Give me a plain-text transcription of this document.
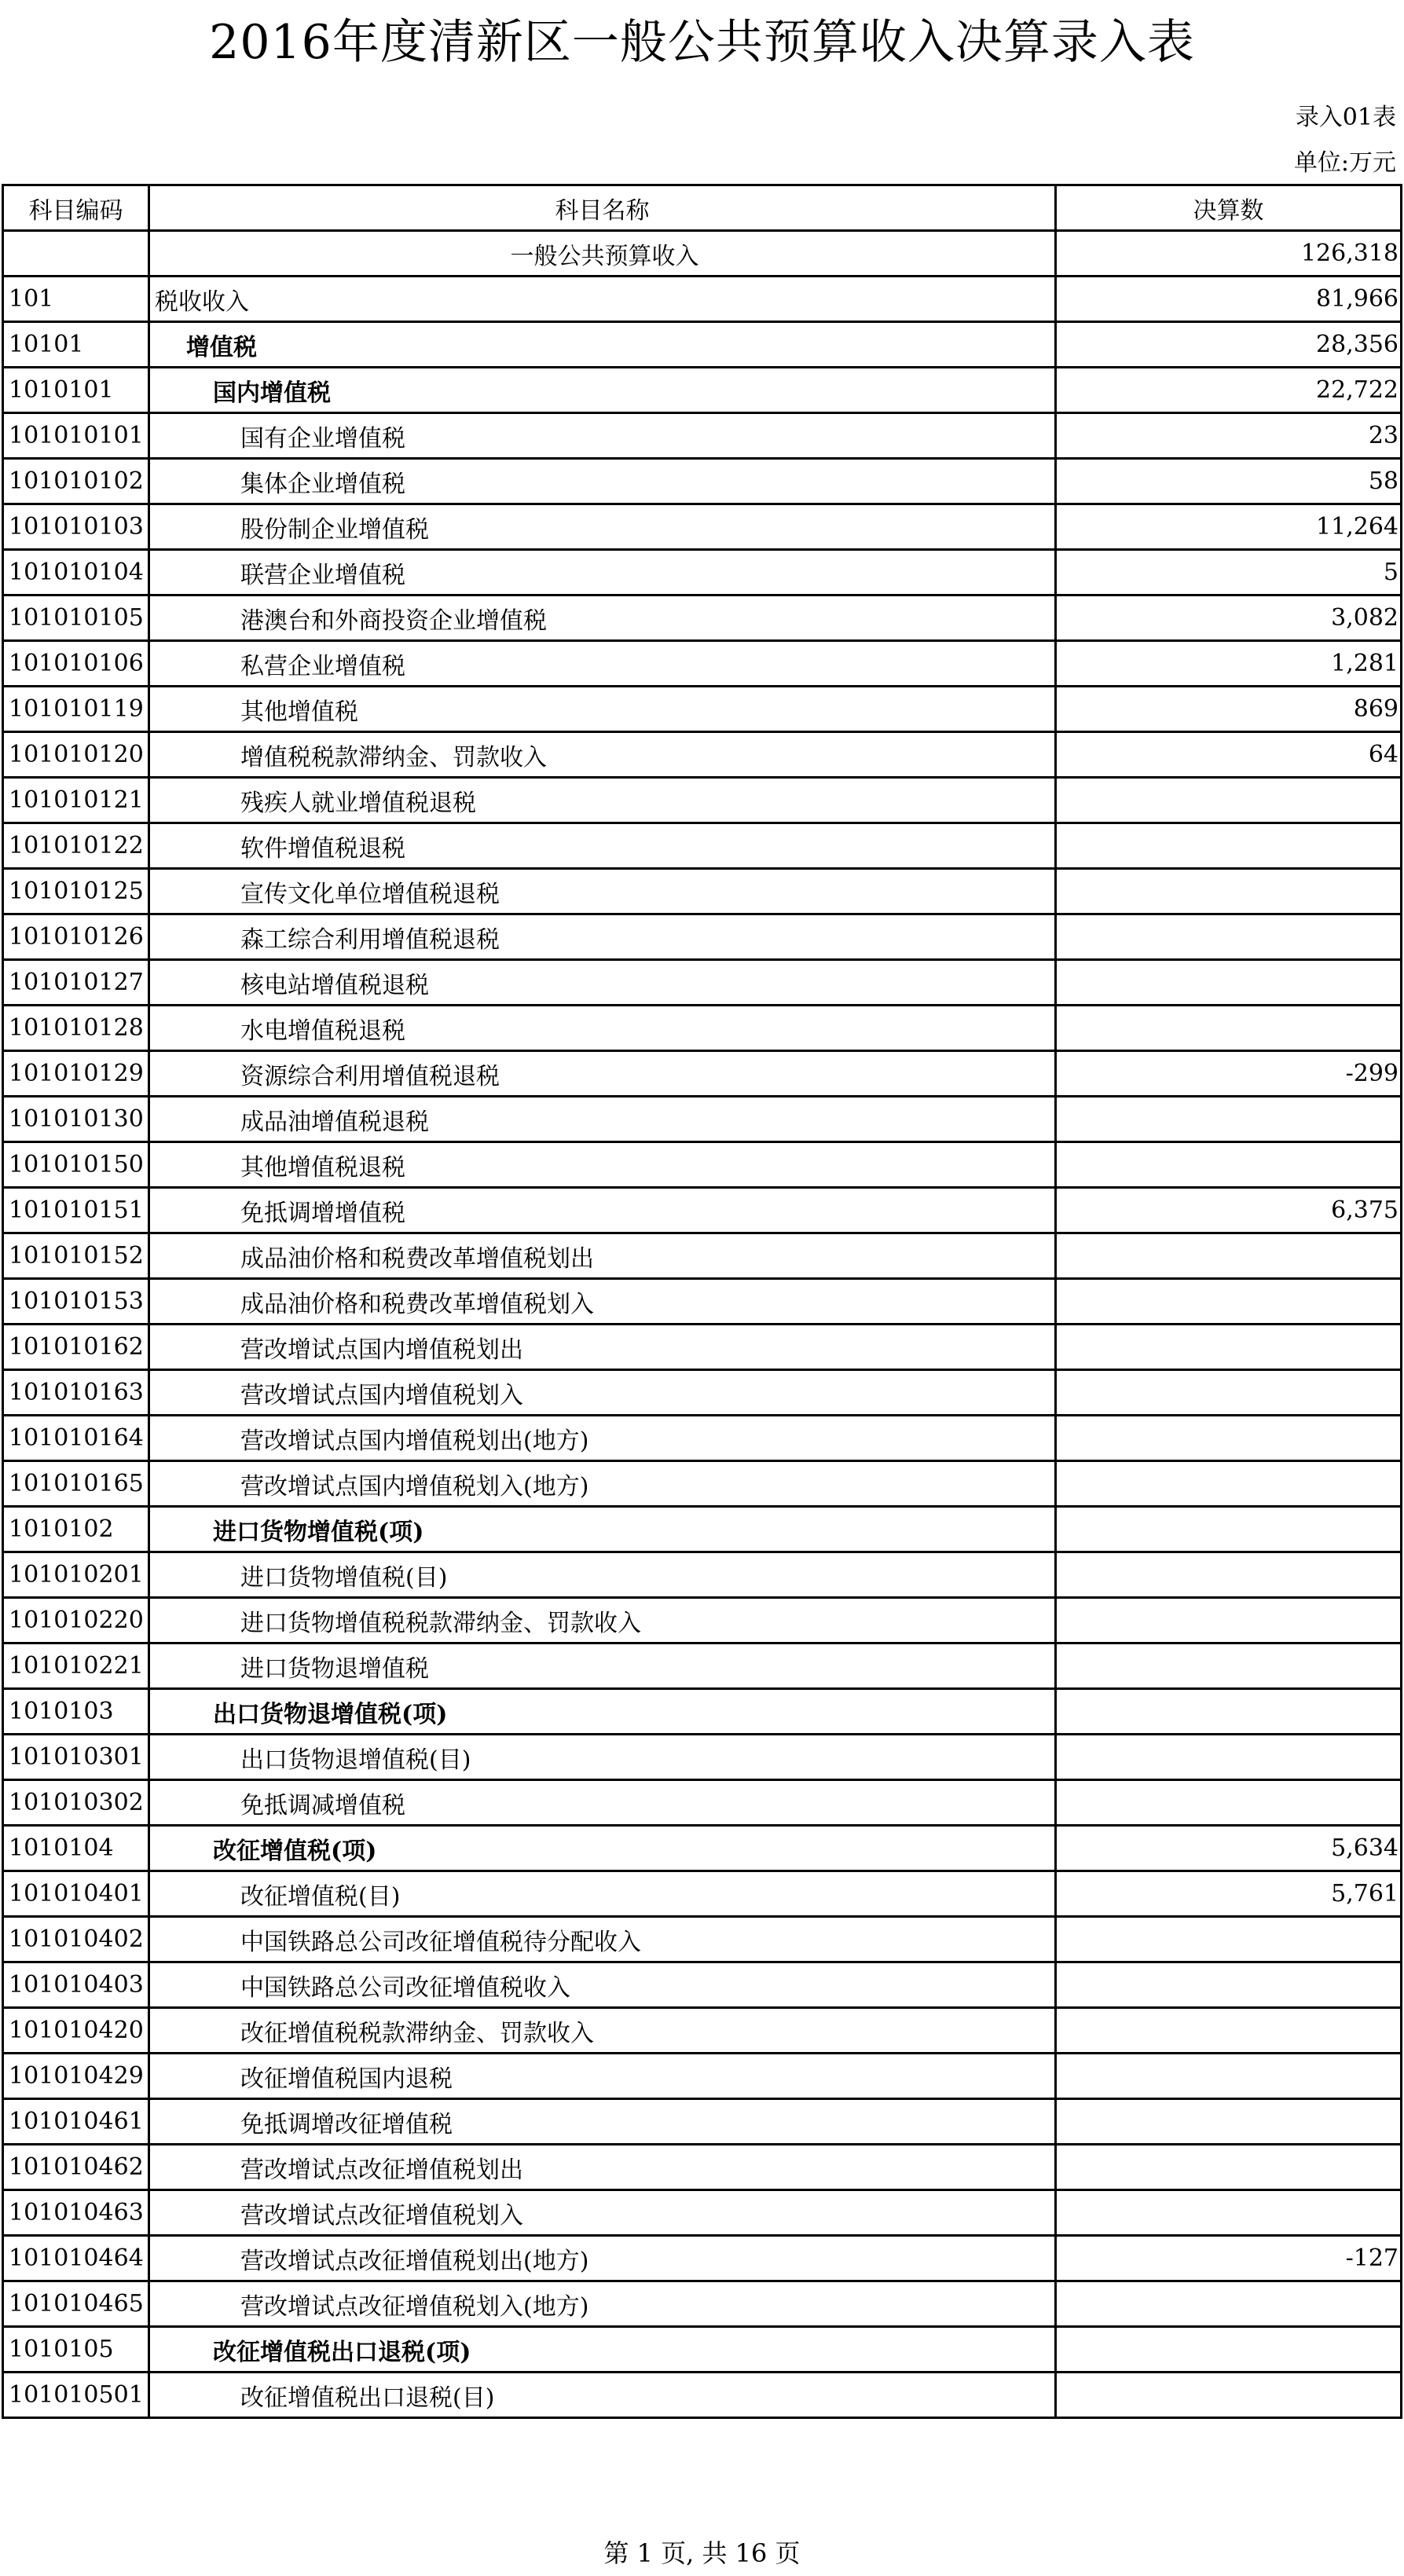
2016年度清新区一般公共预算收入决算录入表
录入01表
单位:万元
科目编码	科目名称	决算数
	一般公共预算收入	126,318
101	税收收入	81,966
10101	增值税	28,356
1010101	国内增值税	22,722
101010101	国有企业增值税	23
101010102	集体企业增值税	58
101010103	股份制企业增值税	11,264
101010104	联营企业增值税	5
101010105	港澳台和外商投资企业增值税	3,082
101010106	私营企业增值税	1,281
101010119	其他增值税	869
101010120	增值税税款滞纳金、罚款收入	64
101010121	残疾人就业增值税退税	
101010122	软件增值税退税	
101010125	宣传文化单位增值税退税	
101010126	森工综合利用增值税退税	
101010127	核电站增值税退税	
101010128	水电增值税退税	
101010129	资源综合利用增值税退税	-299
101010130	成品油增值税退税	
101010150	其他增值税退税	
101010151	免抵调增增值税	6,375
101010152	成品油价格和税费改革增值税划出	
101010153	成品油价格和税费改革增值税划入	
101010162	营改增试点国内增值税划出	
101010163	营改增试点国内增值税划入	
101010164	营改增试点国内增值税划出(地方)	
101010165	营改增试点国内增值税划入(地方)	
1010102	进口货物增值税(项)	
101010201	进口货物增值税(目)	
101010220	进口货物增值税税款滞纳金、罚款收入	
101010221	进口货物退增值税	
1010103	出口货物退增值税(项)	
101010301	出口货物退增值税(目)	
101010302	免抵调减增值税	
1010104	改征增值税(项)	5,634
101010401	改征增值税(目)	5,761
101010402	中国铁路总公司改征增值税待分配收入	
101010403	中国铁路总公司改征增值税收入	
101010420	改征增值税税款滞纳金、罚款收入	
101010429	改征增值税国内退税	
101010461	免抵调增改征增值税	
101010462	营改增试点改征增值税划出	
101010463	营改增试点改征增值税划入	
101010464	营改增试点改征增值税划出(地方)	-127
101010465	营改增试点改征增值税划入(地方)	
1010105	改征增值税出口退税(项)	
101010501	改征增值税出口退税(目)	
第 1 页, 共 16 页
